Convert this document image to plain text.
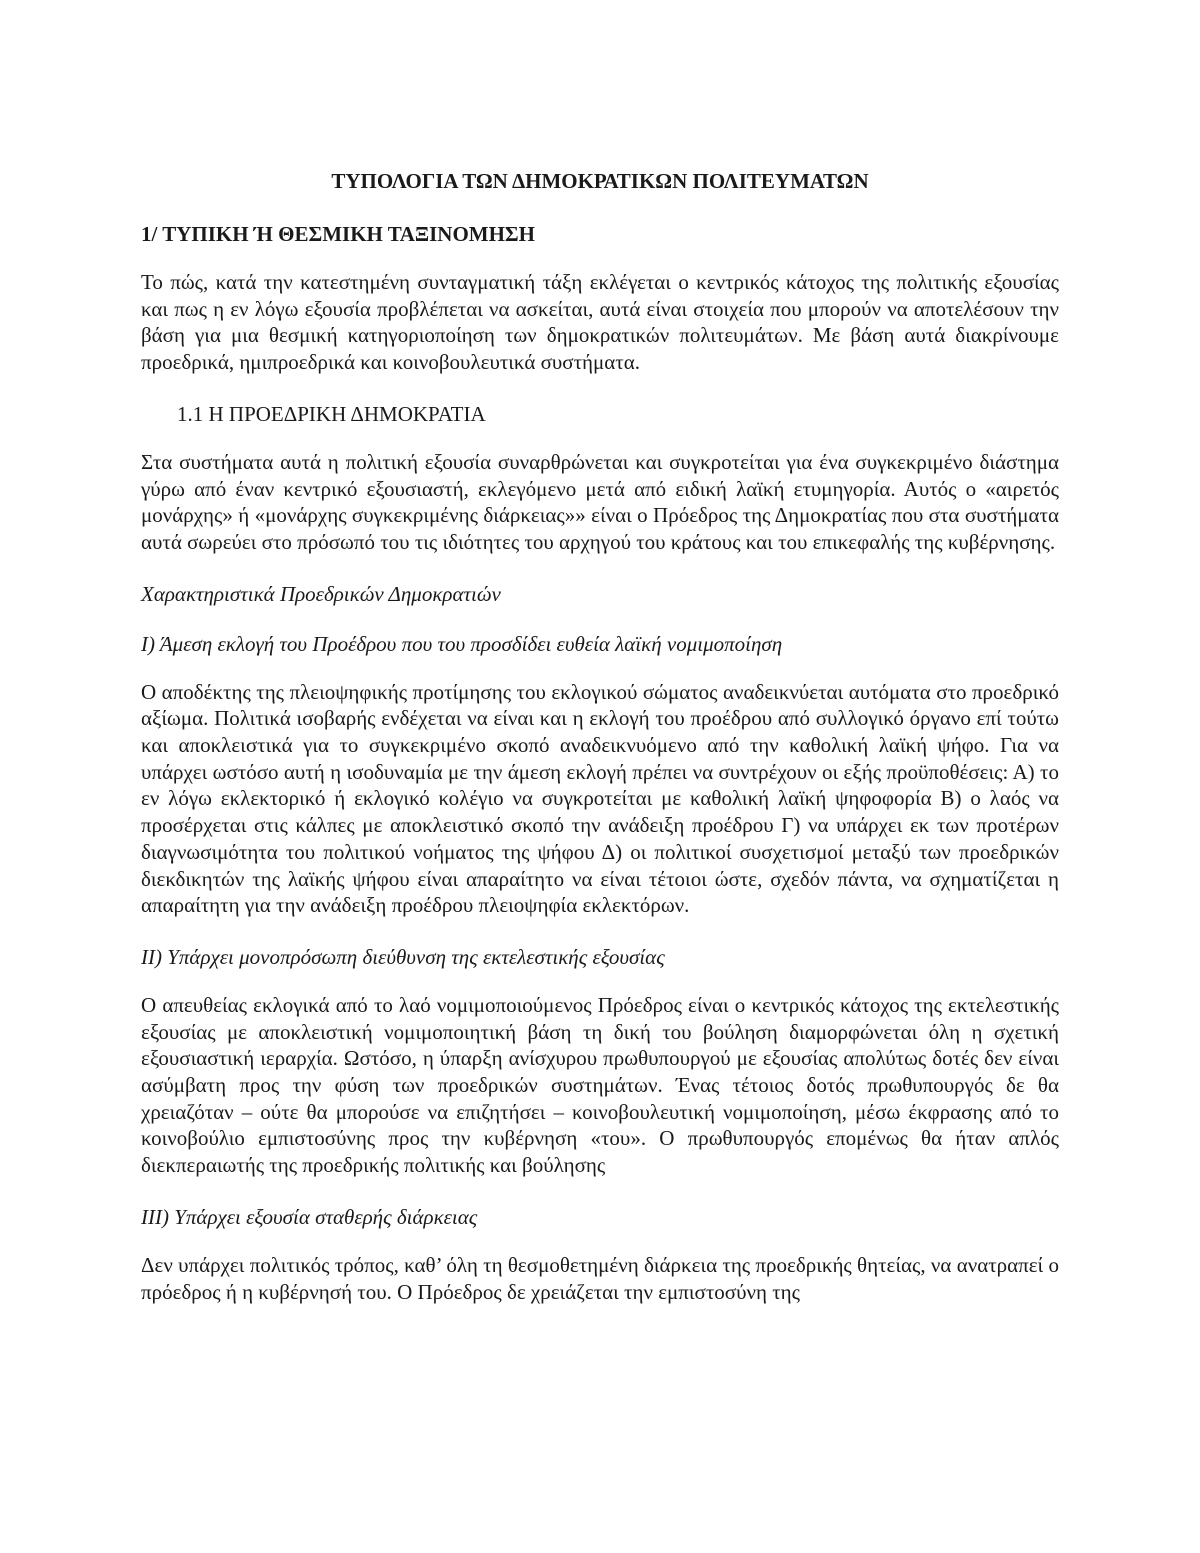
ΤΥΠΟΛΟΓΙΑ ΤΩΝ ΔΗΜΟΚΡΑΤΙΚΩΝ ΠΟΛΙΤΕΥΜΑΤΩΝ
1/ ΤΥΠΙΚΗ Ή ΘΕΣΜΙΚΗ ΤΑΞΙΝΟΜΗΣΗ
Το πώς, κατά την κατεστημένη συνταγματική τάξη εκλέγεται ο κεντρικός κάτοχος της πολιτικής εξουσίας και πως η εν λόγω εξουσία προβλέπεται να ασκείται, αυτά είναι στοιχεία που μπορούν να αποτελέσουν την βάση για μια θεσμική κατηγοριοποίηση των δημοκρατικών πολιτευμάτων. Με βάση αυτά διακρίνουμε προεδρικά, ημιπροεδρικά και κοινοβουλευτικά συστήματα.
1.1 Η ΠΡΟΕΔΡΙΚΗ ΔΗΜΟΚΡΑΤΙΑ
Στα συστήματα αυτά η πολιτική εξουσία συναρθρώνεται και συγκροτείται για ένα συγκεκριμένο διάστημα γύρω από έναν κεντρικό εξουσιαστή, εκλεγόμενο μετά από ειδική λαϊκή ετυμηγορία. Αυτός ο «αιρετός μονάρχης» ή «μονάρχης συγκεκριμένης διάρκειας»» είναι ο Πρόεδρος της Δημοκρατίας που στα συστήματα αυτά σωρεύει στο πρόσωπό του τις ιδιότητες του αρχηγού του κράτους και του επικεφαλής της κυβέρνησης.
Χαρακτηριστικά Προεδρικών Δημοκρατιών
Ι) Άμεση εκλογή του Προέδρου που του προσδίδει ευθεία λαϊκή νομιμοποίηση
Ο αποδέκτης της πλειοψηφικής προτίμησης του εκλογικού σώματος αναδεικνύεται αυτόματα στο προεδρικό αξίωμα. Πολιτικά ισοβαρής ενδέχεται να είναι και η εκλογή του προέδρου από συλλογικό όργανο επί τούτω και αποκλειστικά για το συγκεκριμένο σκοπό αναδεικνυόμενο από την καθολική λαϊκή ψήφο. Για να υπάρχει ωστόσο αυτή η ισοδυναμία με την άμεση εκλογή πρέπει να συντρέχουν οι εξής προϋποθέσεις: Α) το εν λόγω εκλεκτορικό ή εκλογικό κολέγιο να συγκροτείται με καθολική λαϊκή ψηφοφορία Β) ο λαός να προσέρχεται στις κάλπες με αποκλειστικό σκοπό την ανάδειξη προέδρου Γ) να υπάρχει εκ των προτέρων διαγνωσιμότητα του πολιτικού νοήματος της ψήφου Δ) οι πολιτικοί συσχετισμοί μεταξύ των προεδρικών διεκδικητών της λαϊκής ψήφου είναι απαραίτητο να είναι τέτοιοι ώστε, σχεδόν πάντα, να σχηματίζεται η απαραίτητη για την ανάδειξη προέδρου πλειοψηφία εκλεκτόρων.
ΙΙ) Υπάρχει μονοπρόσωπη διεύθυνση της εκτελεστικής εξουσίας
Ο απευθείας εκλογικά από το λαό νομιμοποιούμενος Πρόεδρος είναι ο κεντρικός κάτοχος της εκτελεστικής εξουσίας με αποκλειστική νομιμοποιητική βάση τη δική του βούληση διαμορφώνεται όλη η σχετική εξουσιαστική ιεραρχία. Ωστόσο, η ύπαρξη ανίσχυρου πρωθυπουργού με εξουσίας απολύτως δοτές δεν είναι ασύμβατη προς την φύση των προεδρικών συστημάτων. Ένας τέτοιος δοτός πρωθυπουργός δε θα χρειαζόταν – ούτε θα μπορούσε να επιζητήσει – κοινοβουλευτική νομιμοποίηση, μέσω έκφρασης από το κοινοβούλιο εμπιστοσύνης προς την κυβέρνηση «του». Ο πρωθυπουργός επομένως θα ήταν απλός διεκπεραιωτής της προεδρικής πολιτικής και βούλησης
ΙΙΙ) Υπάρχει εξουσία σταθερής διάρκειας
Δεν υπάρχει πολιτικός τρόπος, καθ’ όλη τη θεσμοθετημένη διάρκεια της προεδρικής θητείας, να ανατραπεί ο πρόεδρος ή η κυβέρνησή του. Ο Πρόεδρος δε χρειάζεται την εμπιστοσύνη της
